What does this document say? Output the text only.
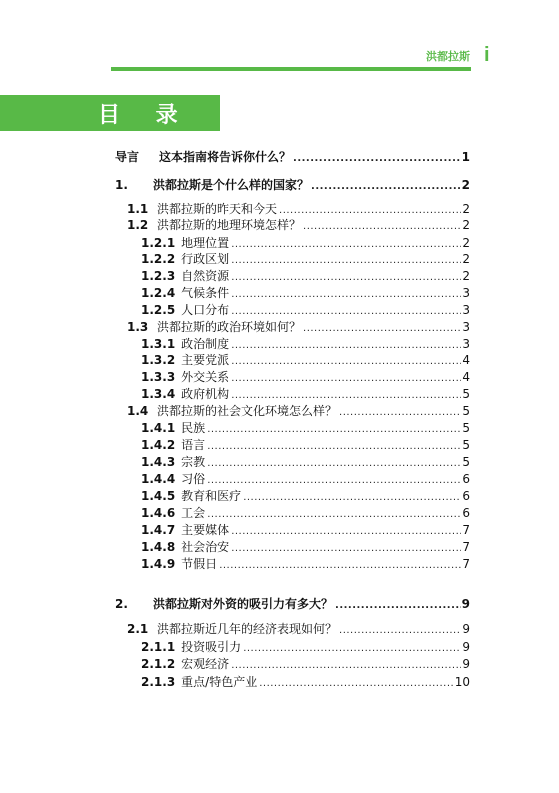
洪都拉斯 i
目 录
导言	这本指南将告诉你什么？ .....	1
1.	洪都拉斯是个什么样的国家？ .....	2
1.1 洪都拉斯的昨天和今天 .....	2
1.2 洪都拉斯的地理环境怎样？ .....	2
1.2.1 地理位置 .....	2
1.2.2 行政区划 .....	2
1.2.3 自然资源 .....	2
1.2.4 气候条件 .....	3
1.2.5 人口分布 .....	3
1.3 洪都拉斯的政治环境如何？ .....	3
1.3.1 政治制度 .....	3
1.3.2 主要党派 .....	4
1.3.3 外交关系 .....	4
1.3.4 政府机构 .....	5
1.4 洪都拉斯的社会文化环境怎么样？ .....	5
1.4.1 民族 .....	5
1.4.2 语言 .....	5
1.4.3 宗教 .....	5
1.4.4 习俗 .....	6
1.4.5 教育和医疗 .....	6
1.4.6 工会 .....	6
1.4.7 主要媒体 .....	7
1.4.8 社会治安 .....	7
1.4.9 节假日 .....	7
2.	洪都拉斯对外资的吸引力有多大？ .....	9
2.1 洪都拉斯近几年的经济表现如何？ .....	9
2.1.1 投资吸引力 .....	9
2.1.2 宏观经济 .....	9
2.1.3 重点/特色产业 .....	10
